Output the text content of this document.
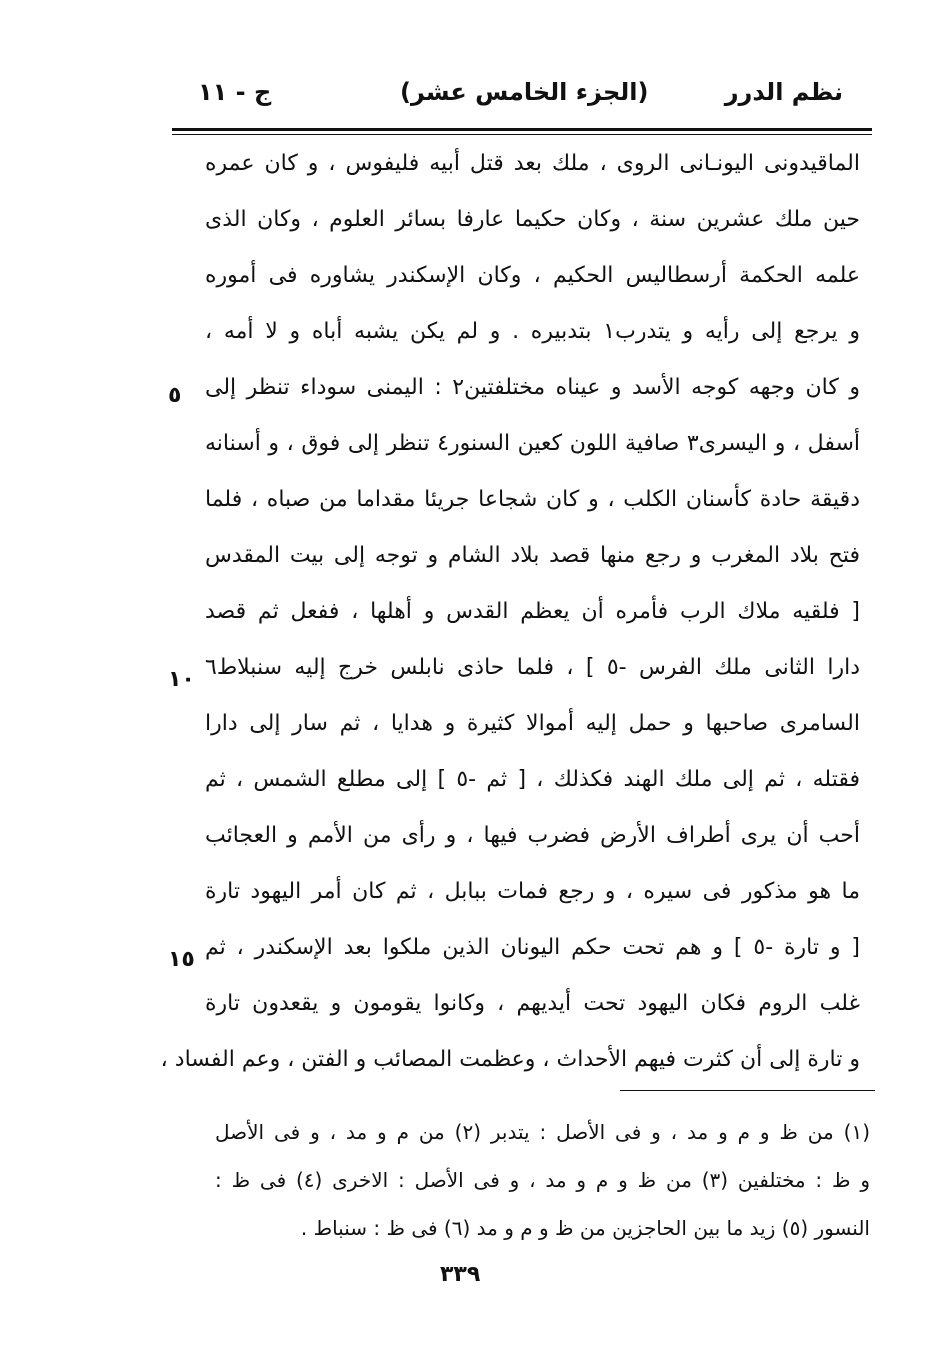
نظم الدرر
(الجزء الخامس عشر)
ج - ١١
الماقيدونى اليونـانى الروى ، ملك بعد قتل أبيه فليفوس ، و كان عمره
حين ملك عشرين سنة ، وكان حكيما عارفا بسائر العلوم ، وكان الذى
علمه الحكمة أرسطاليس الحكيم ، وكان الإسكندر يشاوره فى أموره
و يرجع إلى رأيه و يتدرب١ بتدبيره . و لم يكن يشبه أباه و لا أمه ،
و كان وجهه كوجه الأسد و عيناه مختلفتين٢ : اليمنى سوداء تنظر إلى
أسفل ، و اليسرى٣ صافية اللون كعين السنور٤ تنظر إلى فوق ، و أسنانه
دقيقة حادة كأسنان الكلب ، و كان شجاعا جريئا مقداما من صباه ، فلما
فتح بلاد المغرب و رجع منها قصد بلاد الشام و توجه إلى بيت المقدس
[ فلقيه ملاك الرب فأمره أن يعظم القدس و أهلها ، ففعل ثم قصد
دارا الثانى ملك الفرس -٥ ] ، فلما حاذى نابلس خرج إليه سنبلاط٦
السامرى صاحبها و حمل إليه أموالا كثيرة و هدايا ، ثم سار إلى دارا
فقتله ، ثم إلى ملك الهند فكذلك ، [ ثم -٥ ] إلى مطلع الشمس ، ثم
أحب أن يرى أطراف الأرض فضرب فيها ، و رأى من الأمم و العجائب
ما هو مذكور فى سيره ، و رجع فمات ببابل ، ثم كان أمر اليهود تارة
[ و تارة -٥ ] و هم تحت حكم اليونان الذين ملكوا بعد الإسكندر ، ثم
غلب الروم فكان اليهود تحت أيديهم ، وكانوا يقومون و يقعدون تارة
و تارة إلى أن كثرت فيهم الأحداث ، وعظمت المصائب و الفتن ، وعم الفساد ،
٥
١٠
١٥
(١) من ظ و م و مد ، و فى الأصل : يتدبر (٢) من م و مد ، و فى الأصل
و ظ : مختلفين (٣) من ظ و م و مد ، و فى الأصل : الاخرى (٤) فى ظ :
النسور (٥) زيد ما بين الحاجزين من ظ و م و مد (٦) فى ظ : سنباط .
٣٣٩
